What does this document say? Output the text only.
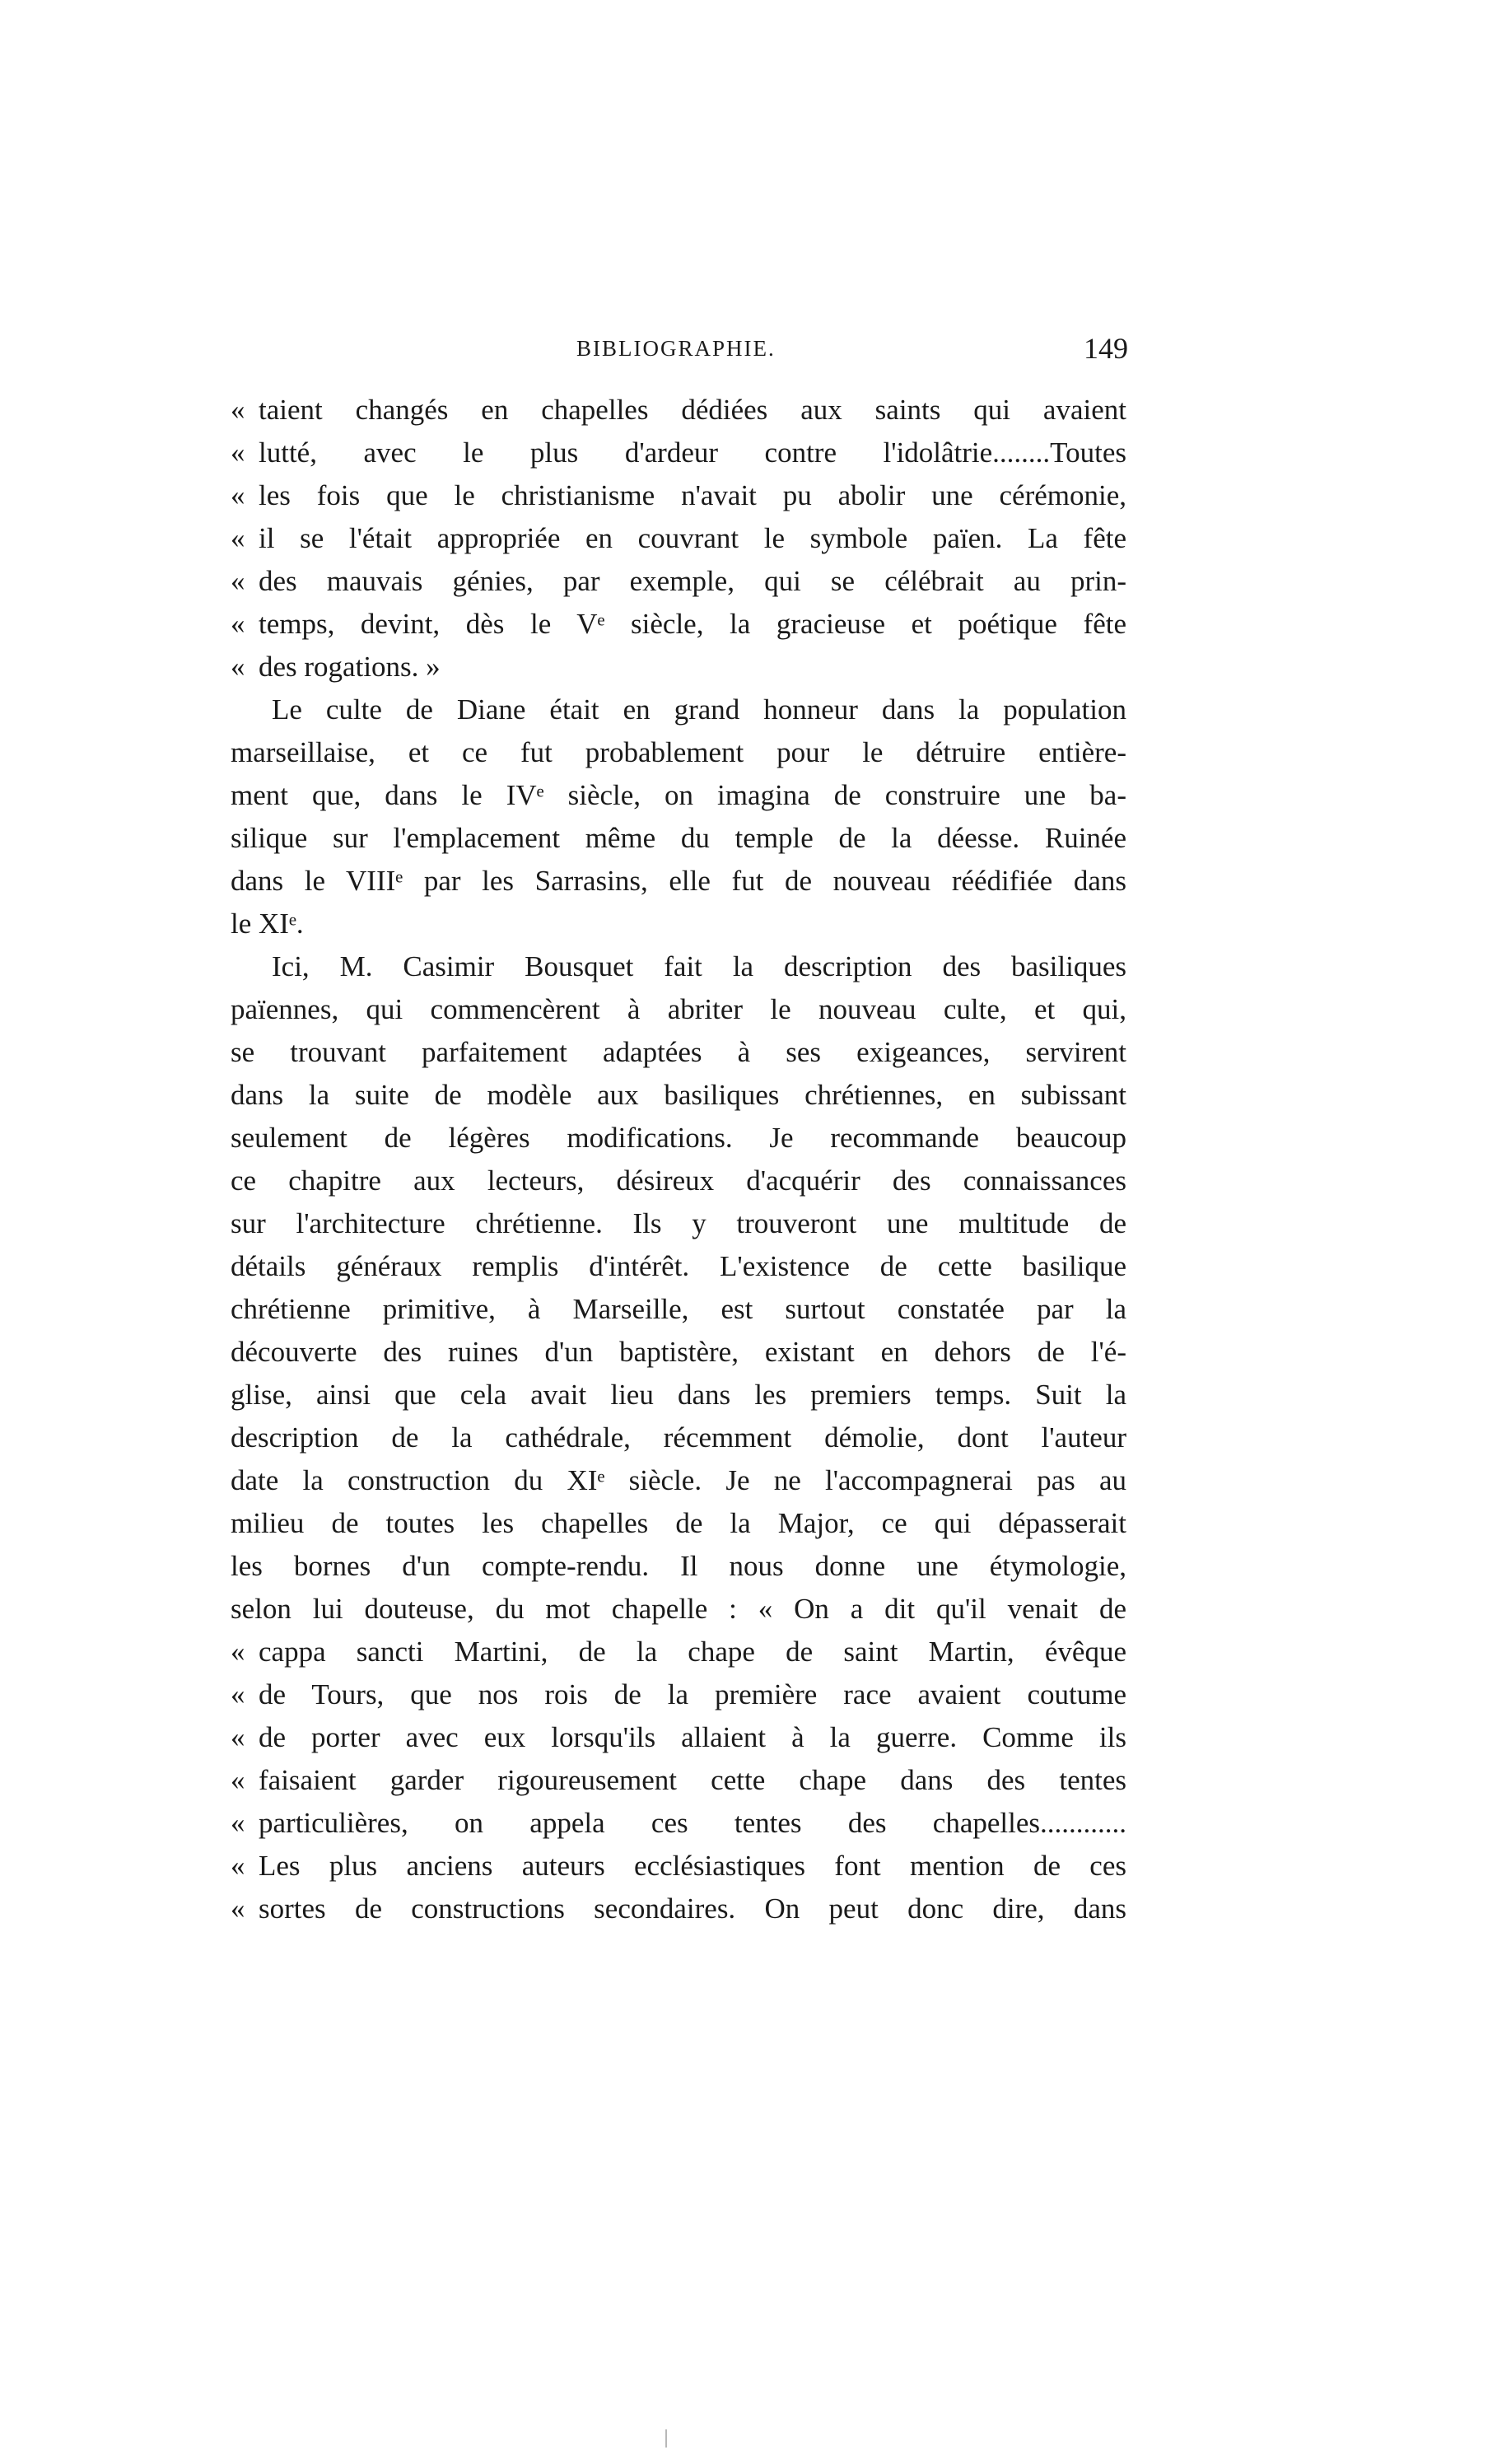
BIBLIOGRAPHIE.	149
« taient changés en chapelles dédiées aux saints qui avaient
« lutté, avec le plus d'ardeur contre l'idolâtrie........Toutes
« les fois que le christianisme n'avait pu abolir une cérémonie,
« il se l'était appropriée en couvrant le symbole païen. La fête
« des mauvais génies, par exemple, qui se célébrait au prin-
« temps, devint, dès le Vᵉ siècle, la gracieuse et poétique fête
« des rogations. »
Le culte de Diane était en grand honneur dans la population
marseillaise, et ce fut probablement pour le détruire entière-
ment que, dans le IVᵉ siècle, on imagina de construire une ba-
silique sur l'emplacement même du temple de la déesse. Ruinée
dans le VIIIᵉ par les Sarrasins, elle fut de nouveau réédifiée dans
le XIᵉ.
Ici, M. Casimir Bousquet fait la description des basiliques
païennes, qui commencèrent à abriter le nouveau culte, et qui,
se trouvant parfaitement adaptées à ses exigeances, servirent
dans la suite de modèle aux basiliques chrétiennes, en subissant
seulement de légères modifications. Je recommande beaucoup
ce chapitre aux lecteurs, désireux d'acquérir des connaissances
sur l'architecture chrétienne. Ils y trouveront une multitude de
détails généraux remplis d'intérêt. L'existence de cette basilique
chrétienne primitive, à Marseille, est surtout constatée par la
découverte des ruines d'un baptistère, existant en dehors de l'é-
glise, ainsi que cela avait lieu dans les premiers temps. Suit la
description de la cathédrale, récemment démolie, dont l'auteur
date la construction du XIᵉ siècle. Je ne l'accompagnerai pas au
milieu de toutes les chapelles de la Major, ce qui dépasserait
les bornes d'un compte-rendu. Il nous donne une étymologie,
selon lui douteuse, du mot chapelle : « On a dit qu'il venait de
« cappa sancti Martini, de la chape de saint Martin, évêque
« de Tours, que nos rois de la première race avaient coutume
« de porter avec eux lorsqu'ils allaient à la guerre. Comme ils
« faisaient garder rigoureusement cette chape dans des tentes
« particulières, on appela ces tentes des chapelles............
« Les plus anciens auteurs ecclésiastiques font mention de ces
« sortes de constructions secondaires. On peut donc dire, dans
